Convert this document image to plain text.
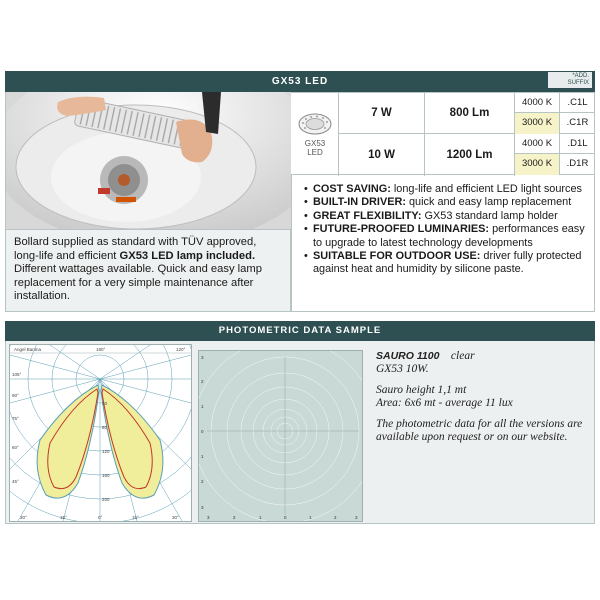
GX53 LED	*ADD.
SUFFIX
Bollard supplied as standard with TÜV approved, long-life and efficient GX53 LED lamp included. Different wattages available. Quick and easy lamp replacement for a very simple maintenance after installation.
GX53
LED
7 W	800 Lm
4000 K	.C1L
3000 K	.C1R
10 W	1200 Lm
4000 K	.D1L
3000 K	.D1R
• COST SAVING: long-life and efficient LED light sources
• BUILT-IN DRIVER: quick and easy lamp replacement
• GREAT FLEXIBILITY: GX53 standard lamp holder
• FUTURE-PROOFED LUMINARIES: performances easy to upgrade to latest technology developments
• SUITABLE FOR OUTDOOR USE: driver fully protected against heat and humidity by silicone paste.
PHOTOMETRIC DATA SAMPLE
Angel Banma	180°	120°
105°
90°
75°
60°
45°
30°	15°	0°	15°	30°
40
80
120
160
200
3
2
1
0
1
2
3
3	2	1	0	1	2	3

SAURO 1100 clear
GX53 10W.

Sauro height 1,1 mt
Area: 6x6 mt - average 11 lux

The photometric data for all the versions are available upon request or on our website.
